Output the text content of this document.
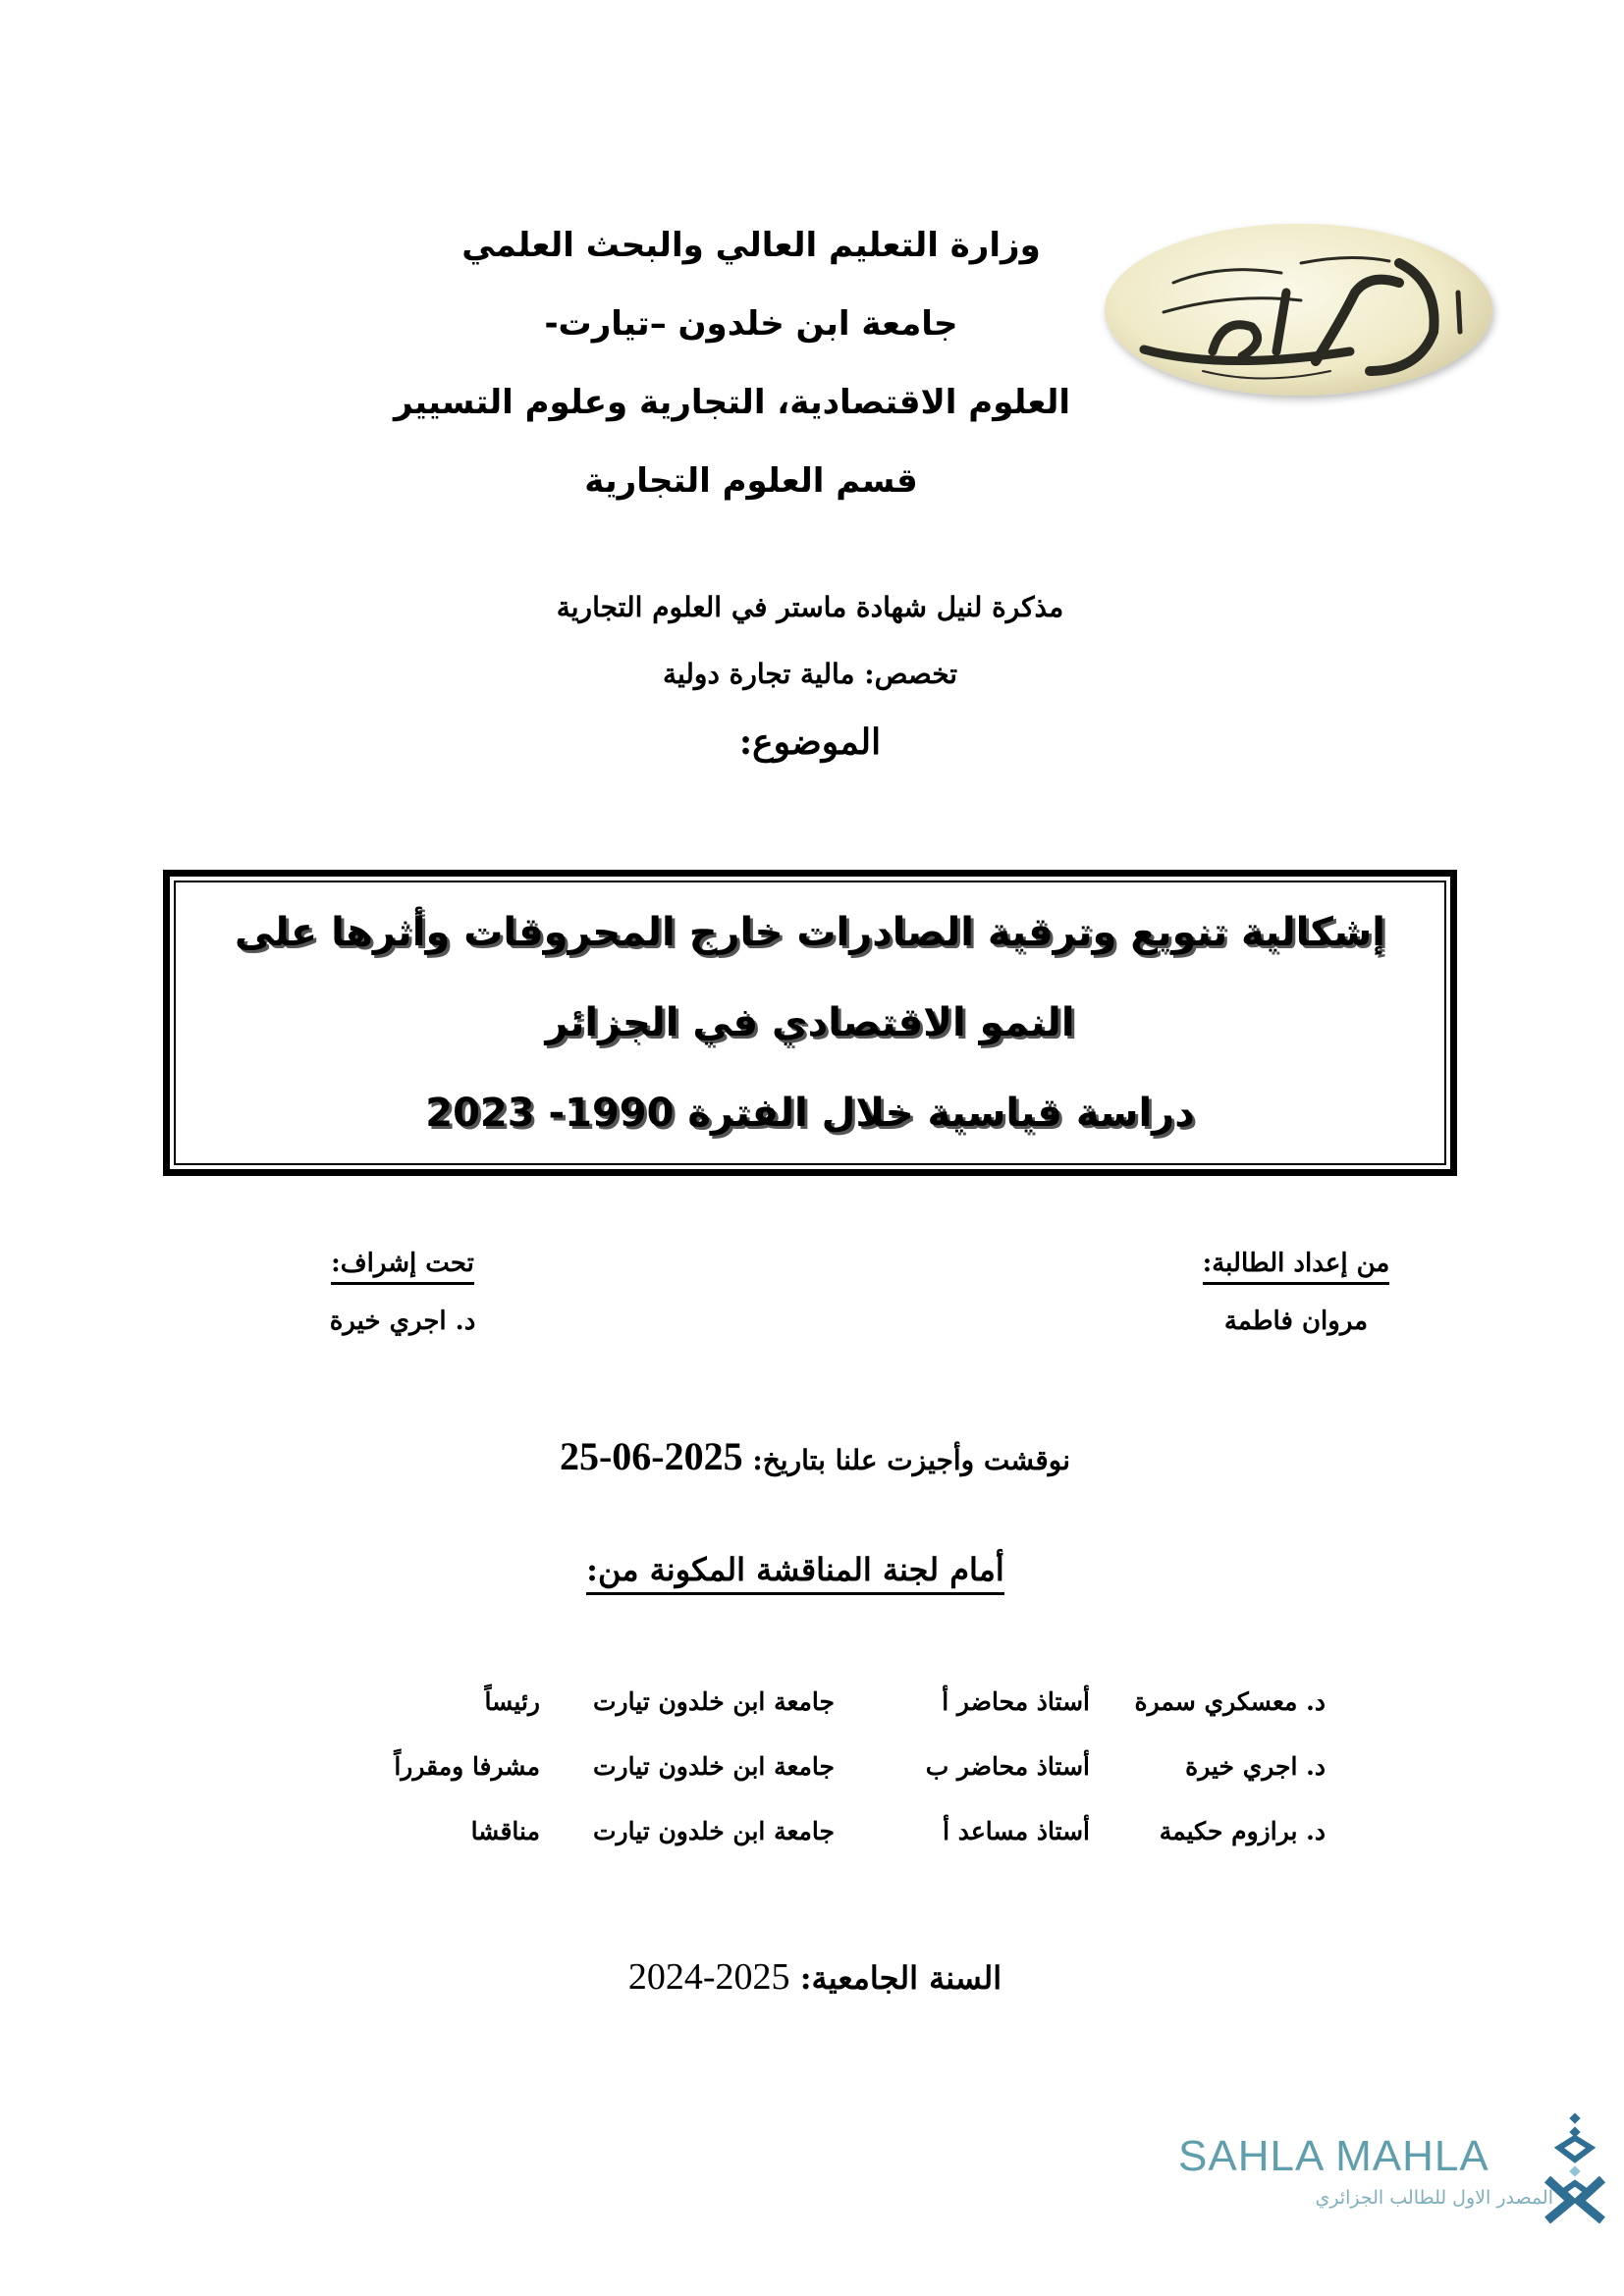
وزارة التعليم العالي والبحث العلمي
جامعة ابن خلدون –تيارت-
العلوم الاقتصادية، التجارية وعلوم التسيير
قسم العلوم التجارية
مذكرة لنيل شهادة ماستر في العلوم التجارية
تخصص: مالية تجارة دولية
الموضوع:
إشكالية تنويع وترقية الصادرات خارج المحروقات وأثرها على
النمو الاقتصادي في الجزائر
دراسة قياسية خلال الفترة 1990- 2023
من إعداد الطالبة:
مروان فاطمة
تحت إشراف:
د. اجري خيرة
نوقشت وأجيزت علنا بتاريخ: 2025-06-25
أمام لجنة المناقشة المكونة من:
د. معسكري سمرة
أستاذ محاضر أ
جامعة ابن خلدون تيارت
رئيساً
د. اجري خيرة
أستاذ محاضر ب
جامعة ابن خلدون تيارت
مشرفا ومقرراً
د. برازوم حكيمة
أستاذ مساعد أ
جامعة ابن خلدون تيارت
مناقشا
السنة الجامعية: 2025-2024
SAHLA MAHLA
المصدر الاول للطالب الجزائري
